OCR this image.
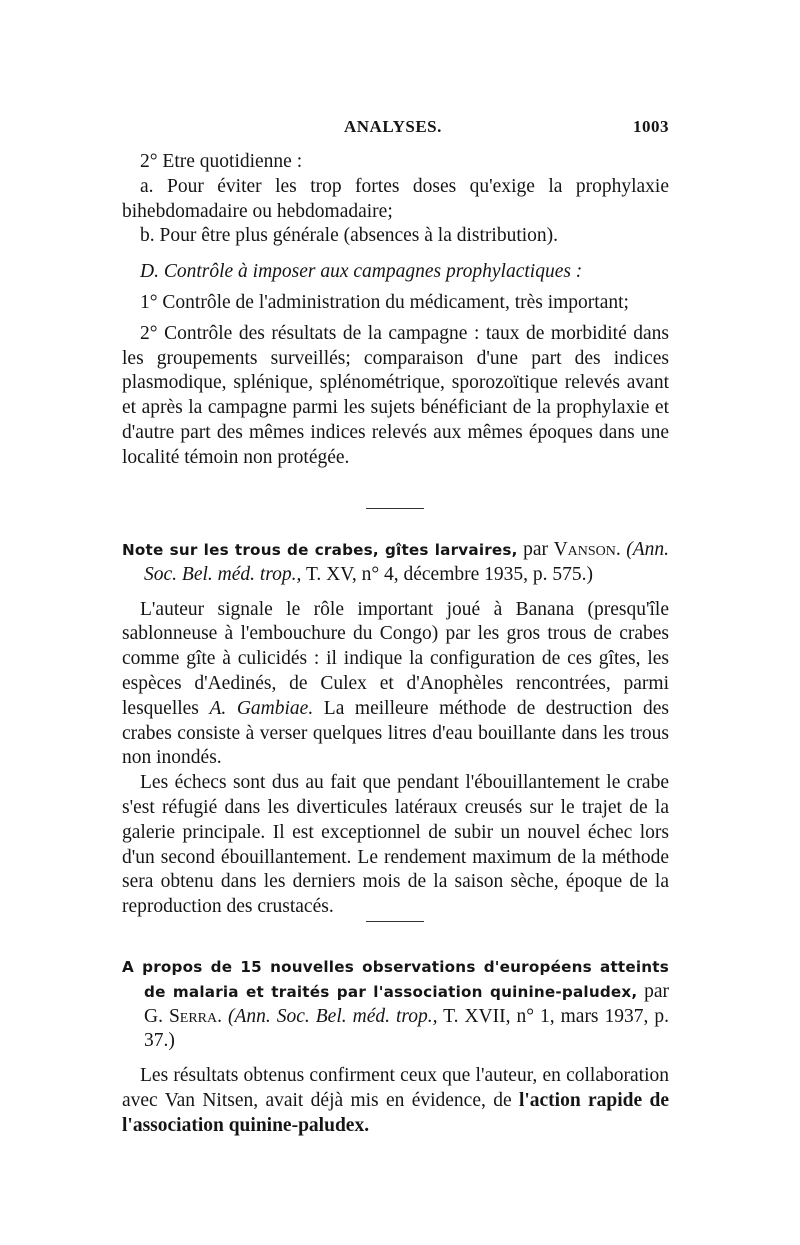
ANALYSES.	1003

2° Etre quotidienne :

a. Pour éviter les trop fortes doses qu'exige la prophylaxie bihebdomadaire ou hebdomadaire;

b. Pour être plus générale (absences à la distribution).

D. Contrôle à imposer aux campagnes prophylactiques :

1° Contrôle de l'administration du médicament, très important;

2° Contrôle des résultats de la campagne : taux de morbidité dans les groupements surveillés; comparaison d'une part des indices plasmodique, splénique, splénométrique, sporozoïtique relevés avant et après la campagne parmi les sujets bénéficiant de la prophylaxie et d'autre part des mêmes indices relevés aux mêmes époques dans une localité témoin non protégée.

Note sur les trous de crabes, gîtes larvaires, par Vanson. (Ann. Soc. Bel. méd. trop., T. XV, n° 4, décembre 1935, p. 575.)

L'auteur signale le rôle important joué à Banana (presqu'île sablonneuse à l'embouchure du Congo) par les gros trous de crabes comme gîte à culicidés : il indique la configuration de ces gîtes, les espèces d'Aedinés, de Culex et d'Anophèles rencontrées, parmi lesquelles A. Gambiae. La meilleure méthode de destruction des crabes consiste à verser quelques litres d'eau bouillante dans les trous non inondés.

Les échecs sont dus au fait que pendant l'ébouillantement le crabe s'est réfugié dans les diverticules latéraux creusés sur le trajet de la galerie principale. Il est exceptionnel de subir un nouvel échec lors d'un second ébouillantement. Le rendement maximum de la méthode sera obtenu dans les derniers mois de la saison sèche, époque de la reproduction des crustacés.

A propos de 15 nouvelles observations d'européens atteints de malaria et traités par l'association quinine-paludex, par G. Serra. (Ann. Soc. Bel. méd. trop., T. XVII, n° 1, mars 1937, p. 37.)

Les résultats obtenus confirment ceux que l'auteur, en collaboration avec Van Nitsen, avait déjà mis en évidence, de l'action rapide de l'association quinine-paludex.
